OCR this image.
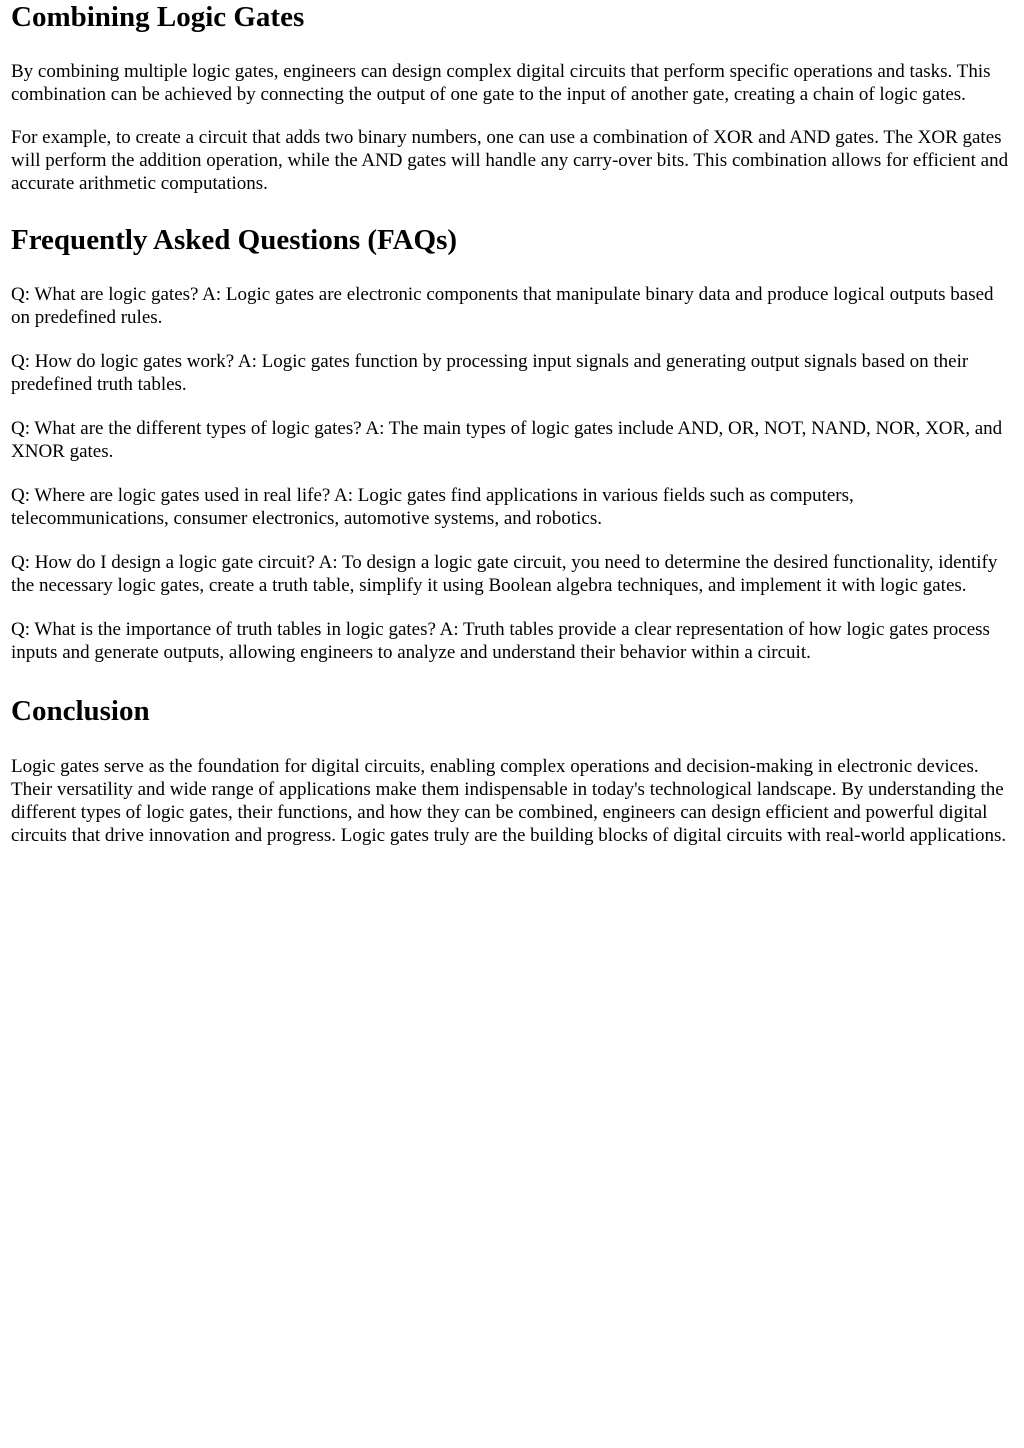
Combining Logic Gates

By combining multiple logic gates, engineers can design complex digital circuits that perform specific operations and tasks. This combination can be achieved by connecting the output of one gate to the input of another gate, creating a chain of logic gates.

For example, to create a circuit that adds two binary numbers, one can use a combination of XOR and AND gates. The XOR gates will perform the addition operation, while the AND gates will handle any carry-over bits. This combination allows for efficient and accurate arithmetic computations.

Frequently Asked Questions (FAQs)

Q: What are logic gates? A: Logic gates are electronic components that manipulate binary data and produce logical outputs based on predefined rules.

Q: How do logic gates work? A: Logic gates function by processing input signals and generating output signals based on their predefined truth tables.

Q: What are the different types of logic gates? A: The main types of logic gates include AND, OR, NOT, NAND, NOR, XOR, and XNOR gates.

Q: Where are logic gates used in real life? A: Logic gates find applications in various fields such as computers, telecommunications, consumer electronics, automotive systems, and robotics.

Q: How do I design a logic gate circuit? A: To design a logic gate circuit, you need to determine the desired functionality, identify the necessary logic gates, create a truth table, simplify it using Boolean algebra techniques, and implement it with logic gates.

Q: What is the importance of truth tables in logic gates? A: Truth tables provide a clear representation of how logic gates process inputs and generate outputs, allowing engineers to analyze and understand their behavior within a circuit.

Conclusion

Logic gates serve as the foundation for digital circuits, enabling complex operations and decision-making in electronic devices. Their versatility and wide range of applications make them indispensable in today's technological landscape. By understanding the different types of logic gates, their functions, and how they can be combined, engineers can design efficient and powerful digital circuits that drive innovation and progress. Logic gates truly are the building blocks of digital circuits with real-world applications.
